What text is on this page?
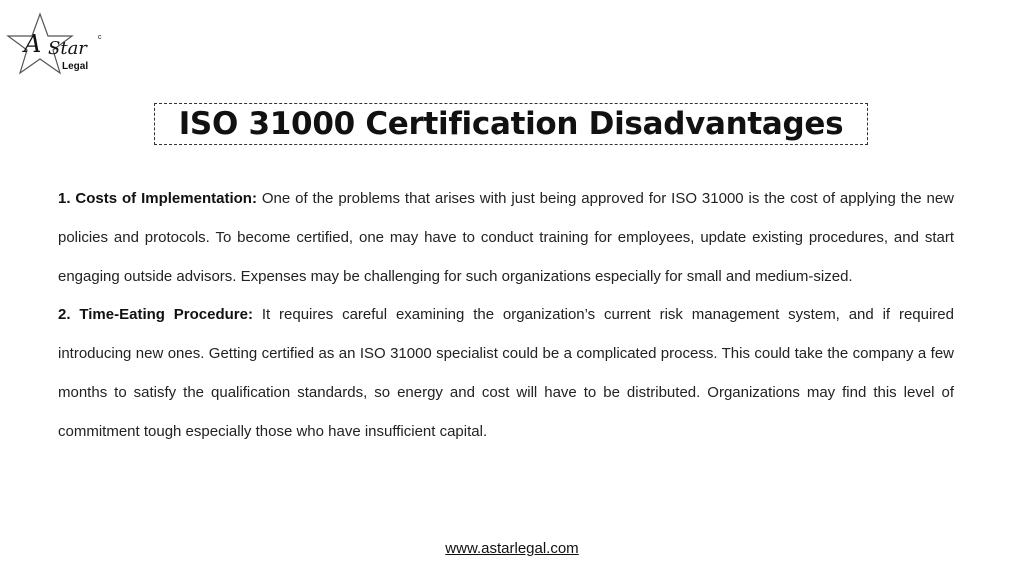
A Star
c
Legal
ISO 31000 Certification Disadvantages

1. Costs of Implementation: One of the problems that arises with just being approved for ISO 31000 is the cost of applying the new policies and protocols. To become certified, one may have to conduct training for employees, update existing procedures, and start engaging outside advisors. Expenses may be challenging for such organizations especially for small and medium-sized.

2. Time-Eating Procedure: It requires careful examining the organization’s current risk management system, and if required introducing new ones. Getting certified as an ISO 31000 specialist could be a complicated process. This could take the company a few months to satisfy the qualification standards, so energy and cost will have to be distributed. Organizations may find this level of commitment tough especially those who have insufficient capital.

www.astarlegal.com
